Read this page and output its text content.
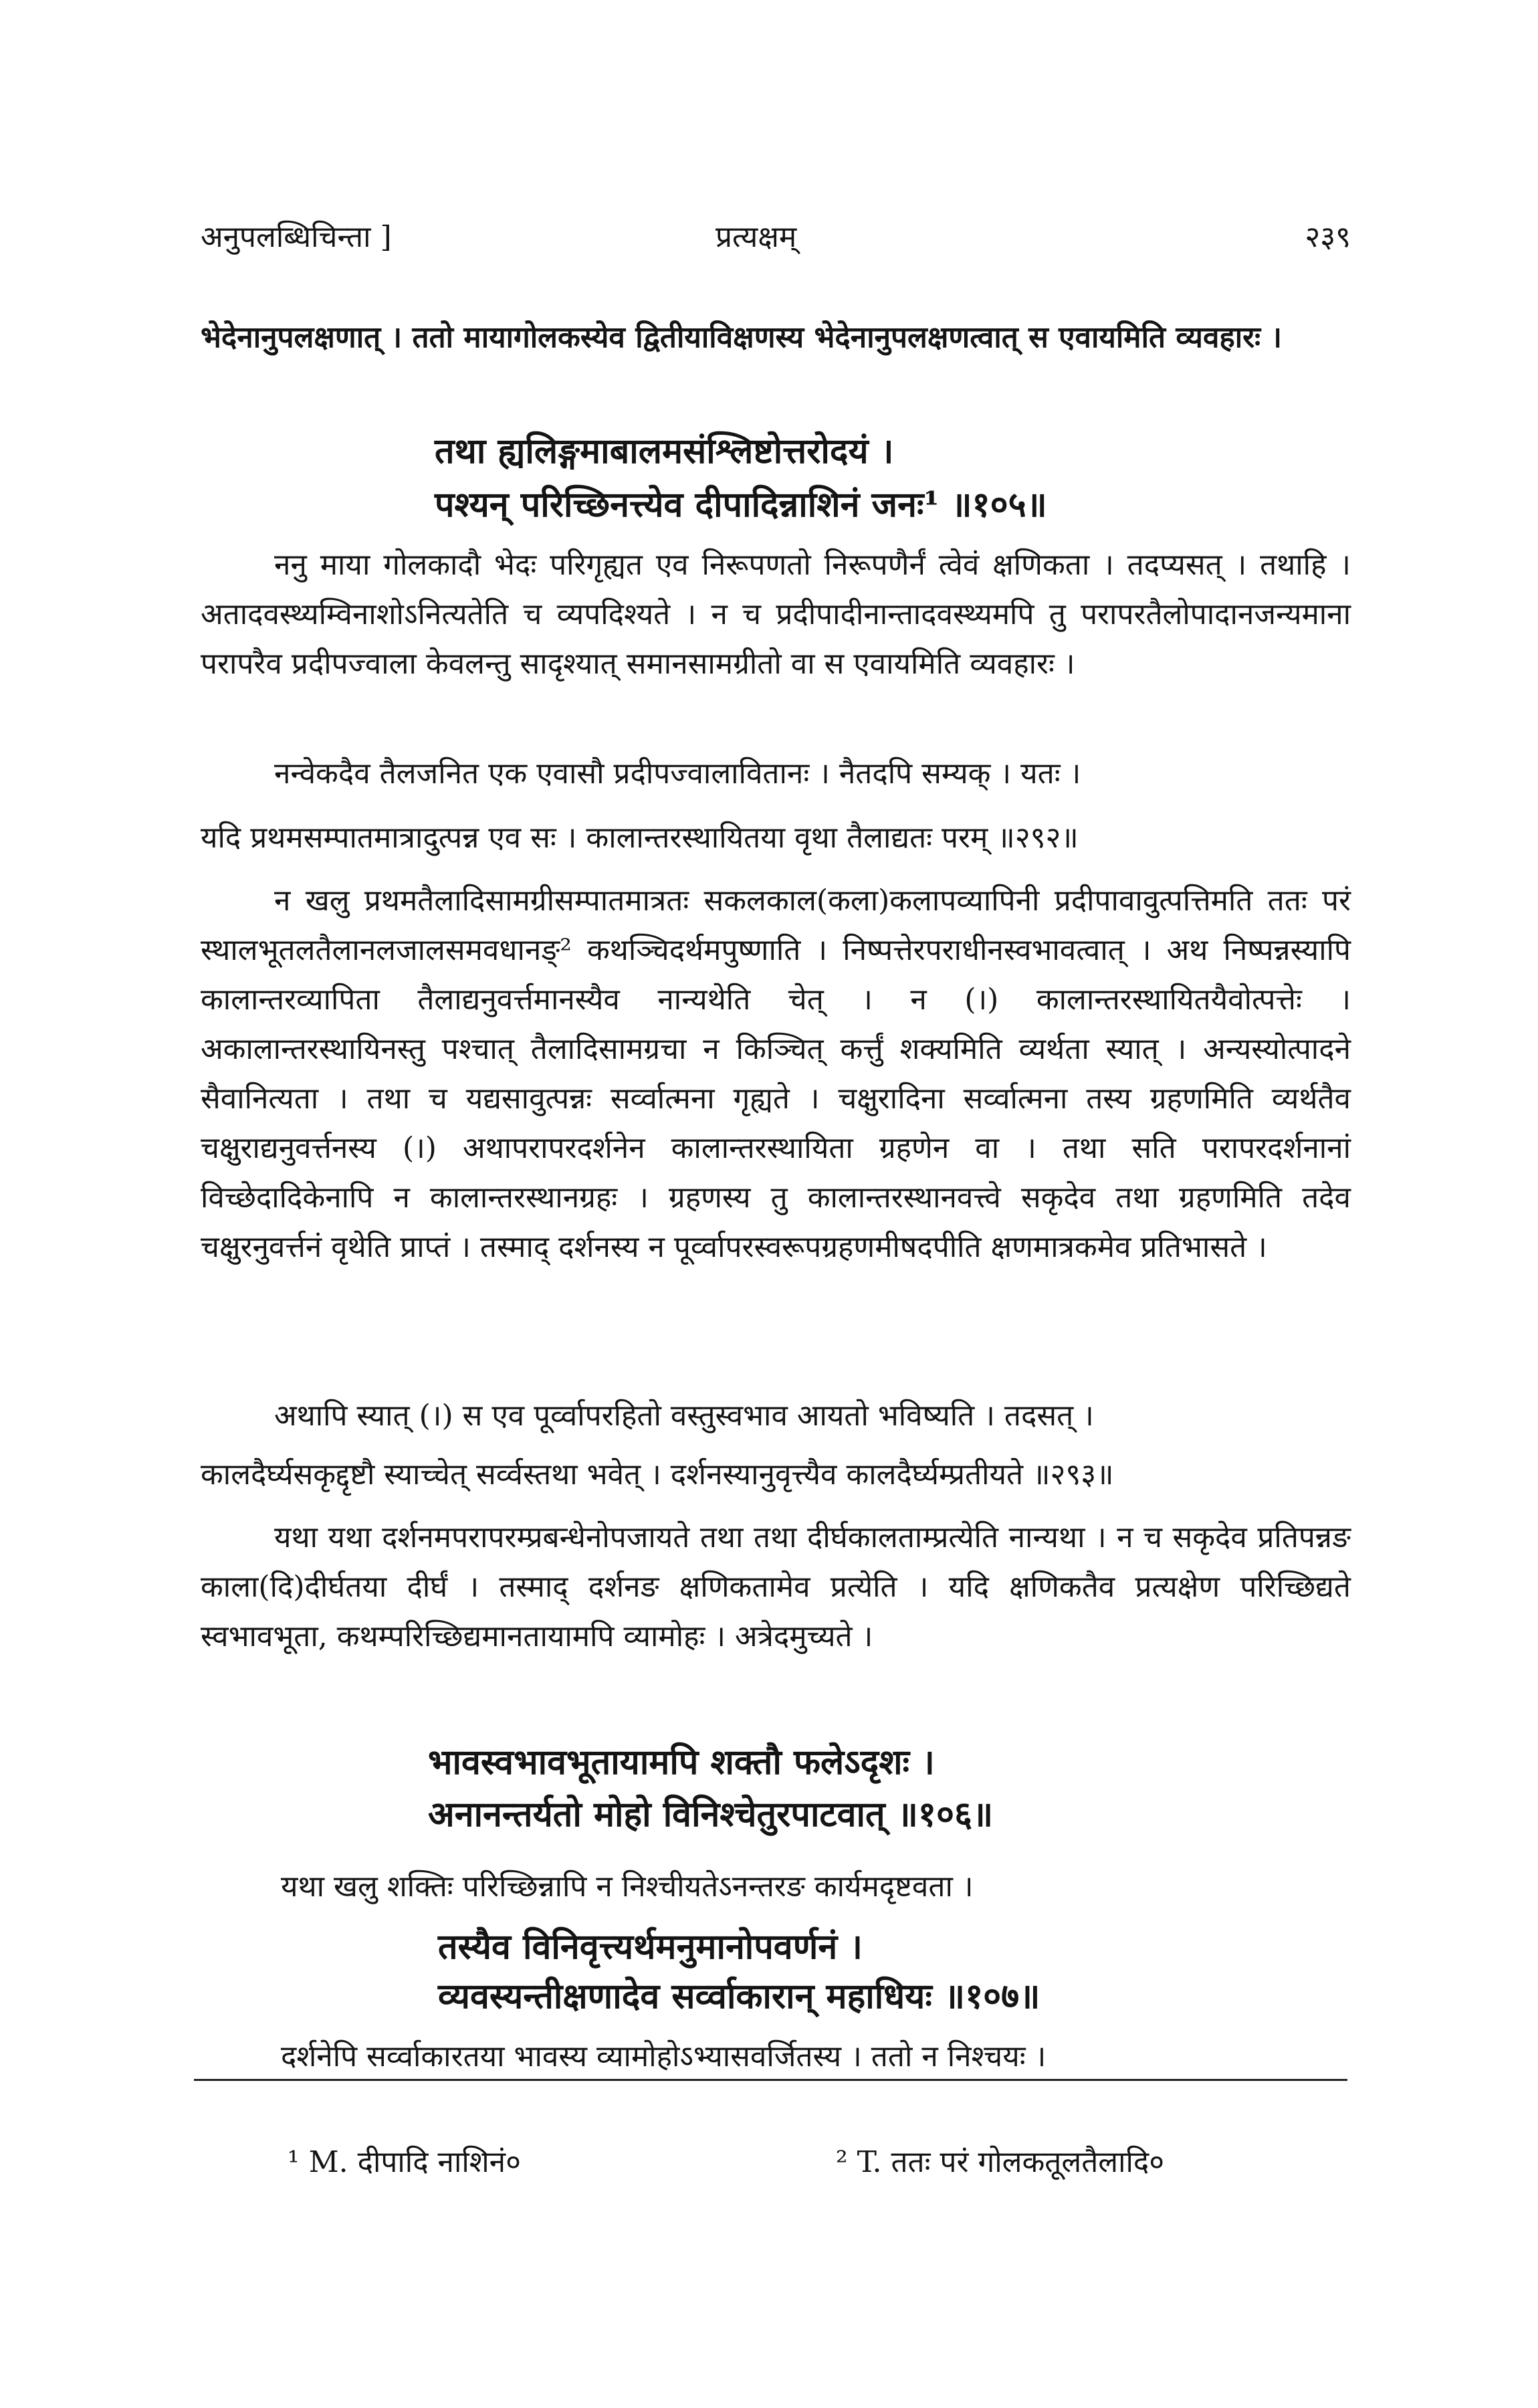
अनुपलब्धिचिन्ता ]	प्रत्यक्षम्	२३९

भेदेनानुपलक्षणात् । ततो मायागोलकस्येव द्वितीयाविक्षणस्य भेदेनानुपलक्षणत्वात् स एवायमिति व्यवहारः ।

तथा ह्यलिङ्गमाबालमसंश्लिष्टोत्तरोदयं ।
पश्यन् परिच्छिनत्त्येव दीपादिन्नाशिनं जनः¹ ॥१०५॥

ननु माया गोलकादौ भेदः परिगृह्यत एव निरूपणतो निरूपणैर्नं त्वेवं क्षणिकता । तदप्यसत् । तथाहि । अतादवस्थ्यम्विनाशोऽनित्यतेति च व्यपदिश्यते । न च प्रदीपादीनान्तादवस्थ्यमपि तु परापरतैलोपादानजन्यमाना परापरैव प्रदीपज्वाला केवलन्तु सादृश्यात् समानसामग्रीतो वा स एवायमिति व्यवहारः ।

नन्वेकदैव तैलजनित एक एवासौ प्रदीपज्वालावितानः । नैतदपि सम्यक् । यतः ।

यदि प्रथमसम्पातमात्रादुत्पन्न एव सः । कालान्तरस्थायितया वृथा तैलाद्यतः परम् ॥२९२॥

न खलु प्रथमतैलादिसामग्रीसम्पातमात्रतः सकलकाल(कला)कलापव्यापिनी प्रदीपावावुत्पत्तिमति ततः परं स्थालभूतलतैलानलजालसमवधानङ्² कथञ्चिदर्थमपुष्णाति । निष्पत्तेरपराधीनस्वभावत्वात् । अथ निष्पन्नस्यापि कालान्तरव्यापिता तैलाद्यनुवर्त्तमानस्यैव नान्यथेति चेत् । न (।) कालान्तरस्थायितयैवोत्पत्तेः । अकालान्तरस्थायिनस्तु पश्चात् तैलादिसामग्रचा न किञ्चित् कर्त्तुं शक्यमिति व्यर्थता स्यात् । अन्यस्योत्पादने सैवानित्यता । तथा च यद्यसावुत्पन्नः सर्व्वात्मना गृह्यते । चक्षुरादिना सर्व्वात्मना तस्य ग्रहणमिति व्यर्थतैव चक्षुराद्यनुवर्त्तनस्य (।) अथापरापरदर्शनेन कालान्तरस्थायिता ग्रहणेन वा । तथा सति परापरदर्शनानां विच्छेदादिकेनापि न कालान्तरस्थानग्रहः । ग्रहणस्य तु कालान्तरस्थानवत्त्वे सकृदेव तथा ग्रहणमिति तदेव चक्षुरनुवर्त्तनं वृथेति प्राप्तं । तस्माद् दर्शनस्य न पूर्व्वापरस्वरूपग्रहणमीषदपीति क्षणमात्रकमेव प्रतिभासते ।

अथापि स्यात् (।) स एव पूर्व्वापरहितो वस्तुस्वभाव आयतो भविष्यति । तदसत् ।

कालदैर्घ्यसकृद्दृष्टौ स्याच्चेत् सर्व्वस्तथा भवेत् । दर्शनस्यानुवृत्त्यैव कालदैर्घ्यम्प्रतीयते ॥२९३॥

यथा यथा दर्शनमपरापरम्प्रबन्धेनोपजायते तथा तथा दीर्घकालताम्प्रत्येति नान्यथा । न च सकृदेव प्रतिपन्नङ काला(दि)दीर्घतया दीर्घं । तस्माद् दर्शनङ क्षणिकतामेव प्रत्येति । यदि क्षणिकतैव प्रत्यक्षेण परिच्छिद्यते स्वभावभूता, कथम्परिच्छिद्यमानतायामपि व्यामोहः । अत्रेदमुच्यते ।

भावस्वभावभूतायामपि शक्तौ फलेऽदृशः ।
अनानन्तर्यतो मोहो विनिश्चेतुरपाटवात् ॥१०६॥
यथा खलु शक्तिः परिच्छिन्नापि न निश्चीयतेऽनन्तरङ कार्यमदृष्टवता ।
तस्यैव विनिवृत्त्यर्थमनुमानोपवर्णनं ।
व्यवस्यन्तीक्षणादेव सर्व्वाकारान् महाधियः ॥१०७॥
दर्शनेपि सर्व्वाकारतया भावस्य व्यामोहोऽभ्यासवर्जितस्य । ततो न निश्चयः ।
¹ M. दीपादि नाशिनं०	² T. ततः परं गोलकतूलतैलादि०
